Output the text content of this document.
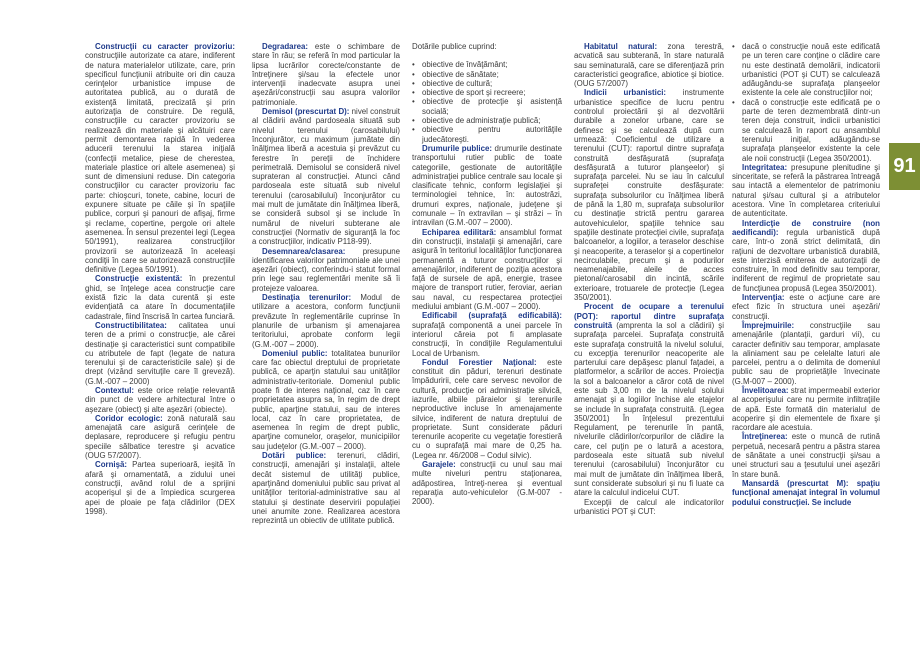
Construcţii cu caracter provizoriu: construcţiile autorizate ca atare, indiferent de natura materialelor utilizate, care, prin specificul funcţiunii atribuite ori din cauza cerinţelor urbanistice impuse de autoritatea publică, au o durată de existenţă limitată, precizată şi prin autorizaţia de construire. De regulă, construcţiile cu caracter provizoriu se realizează din materiale şi alcătuiri care permit demontarea rapidă în vederea aducerii terenului la starea iniţială (confecţii metalice, piese de cherestea, materiale plastice ori altele asemenea) şi sunt de dimensiuni reduse. Din categoria construcţiilor cu caracter provizoriu fac parte: chioşcuri, tonete, cabine, locuri de expunere situate pe căile şi în spaţiile publice, corpuri şi panouri de afişaj, firme şi reclame, copertine, pergole ori altele asemenea. În sensul prezentei legi (Legea 50/1991), realizarea construcţiilor provizorii se autorizează în aceleaşi condiţii în care se autorizează construcţiile definitive (Legea 50/1991).

Construcţie existentă: în prezentul ghid, se înţelege acea construcţie care există fizic la data curentă şi este evidenţiată ca atare în documentaţiile cadastrale, fiind înscrisă în cartea funciară.

Constructibilitatea: calitatea unui teren de a primi o construcţie, ale cărei destinaţie şi caracteristici sunt compatibile cu atributele de fapt (legate de natura terenului şi de caracteristicile sale) şi de drept (vizând servituţile care îl greveză). (G.M.-007 – 2000)

Contextul: este orice relaţie relevantă din punct de vedere arhitectural între o aşezare (obiect) şi alte aşezări (obiecte).

Coridor ecologic: zonă naturală sau amenajată care asigură cerinţele de deplasare, reproducere şi refugiu pentru speciile sălbatice terestre şi acvatice (OUG 57/2007).

Cornişă: Partea superioară, ieşită în afară şi ornamentată, a zidului unei construcţii, având rolul de a sprijini acoperişul şi de a împiedica scurgerea apei de ploaie pe faţa clădirilor (DEX 1998).

Degradarea: este o schimbare de stare în rău; se referă în mod particular la lipsa lucrărilor corecte/constante de întreţinere şi/sau la efectele unor intervenţii inadecvate asupra unei aşezări/construcţii sau asupra valorilor patrimoniale.

Demisol (prescurtat D): nivel construit al clădirii având pardoseala situată sub nivelul terenului (carosabilului) înconjurător, cu maximum jumătate din înălţimea liberă a acestuia şi prevăzut cu ferestre în pereţii de închidere perimetrală. Demisolul se consideră nivel suprateran al construcţiei. Atunci când pardoseala este situată sub nivelul terenului (carosabilului) înconjurător cu mai mult de jumătate din înălţimea liberă, se consideră subsol şi se include în numărul de niveluri subterane ale construcţiei (Normativ de siguranţă la foc a construcţiilor, indicativ P118-99).

Desemnarea/clasarea: presupune identificarea valorilor patrimoniale ale unei aşezări (obiect), conferindu-i statut formal prin lege sau reglementări menite să îi protejeze valoarea.

Destinaţia terenurilor: Modul de utilizare a acestora, conform funcţiunii prevăzute în reglementările cuprinse în planurile de urbanism şi amenajarea teritoriului, aprobate conform legii (G.M.-007 – 2000).

Domeniul public: totalitatea bunurilor care fac obiectul dreptului de proprietate publică, ce aparţin statului sau unităţilor administrativ-teritoriale. Domeniul public poate fi de interes naţional, caz în care proprietatea asupra sa, în regim de drept public, aparţine statului, sau de interes local, caz în care proprietatea, de asemenea în regim de drept public, aparţine comunelor, oraşelor, municipiilor sau judeţelor (G.M.-007 – 2000).

Dotări publice: terenuri, clădiri, construcţii, amenajări şi instalaţii, altele decât sistemul de utilităţi publice, aparţinând domeniului public sau privat al unităţilor teritorial-administrative sau al statului şi destinate deservirii populaţiei unei anumite zone. Realizarea acestora reprezintă un obiectiv de utilitate publică.

Dotările publice cuprind:

• obiective de învăţământ;
• obiective de sănătate;
• obiective de cultură;
• obiective de sport şi recreere;
• obiective de protecţie şi asistenţă socială;
• obiective de administraţie publică;
• obiective pentru autorităţile judecătoreşti.

Drumurile publice: drumurile destinate transportului rutier public de toate categoriile, gestionate de autorităţile administraţiei publice centrale sau locale şi clasificate tehnic, conform legislaţiei şi terminologiei tehnice, în: autostrăzi, drumuri expres, naţionale, judeţene şi comunale – în extravilan – şi străzi – în intravilan (G.M.-007 – 2000).

Echiparea edilitară: ansamblul format din construcţii, instalaţii şi amenajări, care asigură în teritoriul localităţilor funcţionarea permanentă a tuturor construcţiilor şi amenajărilor, indiferent de poziţia acestora faţă de sursele de apă, energie, trasee majore de transport rutier, feroviar, aerian sau naval, cu respectarea protecţiei mediului ambiant (G.M.-007 – 2000).

Edificabil (suprafaţă edificabilă): suprafaţă componentă a unei parcele în interiorul căreia pot fi amplasate construcţii, în condiţiile Regulamentului Local de Urbanism.

Fondul Forestier Naţional: este constituit din păduri, terenuri destinate împăduririi, cele care servesc nevoilor de cultură, producţie ori administraţie silvică, iazurile, albiile pâraielor şi terenurile neproductive incluse în amenajamente silvice, indiferent de natura dreptului de proprietate. Sunt considerate păduri terenurile acoperite cu vegetaţie forestieră cu o suprafaţă mai mare de 0,25 ha. (Legea nr. 46/2008 – Codul silvic).

Garajele: construcţii cu unul sau mai multe niveluri pentru staţionarea, adăpostirea, întreţi-nerea şi eventual reparaţia auto-vehiculelor (G.M-007 - 2000).

Habitatul natural: zona terestră, acvatică sau subterană, în stare naturală sau seminaturală, care se diferenţiază prin caracteristici geografice, abiotice şi biotice. (OUG 57/2007)

Indicii urbanistici: instrumente urbanistice specifice de lucru pentru controlul proiectării şi al dezvoltării durabile a zonelor urbane, care se definesc şi se calculează după cum urmează: Coeficientul de utilizare a terenului (CUT): raportul dintre suprafaţa construită desfăşurată (suprafaţa desfăşurată a tuturor planşeelor) şi suprafaţa parcelei. Nu se iau în calculul suprafeţei construite desfăşurate: suprafaţa subsolurilor cu înălţimea liberă de până la 1,80 m, suprafaţa subsolurilor cu destinaţie strictă pentru gararea autovehiculelor, spaţiile tehnice sau spaţiile destinate protecţiei civile, suprafaţa balcoanelor, a logiilor, a teraselor deschise şi neacoperite, a teraselor şi a copertinelor necirculabile, precum şi a podurilor neamenajabile, aleile de acces pietonal/carosabil din incintă, scările exterioare, trotuarele de protecţie (Legea 350/2001).

Procent de ocupare a terenului (POT): raportul dintre suprafaţa construită (amprenta la sol a clădirii) şi suprafaţa parcelei. Suprafaţa construită este suprafaţa construită la nivelul solului, cu excepţia terenurilor neacoperite ale parterului care depăşesc planul faţadei, a platformelor, a scărilor de acces. Proiecţia la sol a balcoanelor a căror cotă de nivel este sub 3,00 m de la nivelul solului amenajat şi a logiilor închise ale etajelor se include în suprafaţa construită. (Legea 350/2001) În înţelesul prezentului Regulament, pe terenurile în pantă, nivelurile clădirilor/corpurilor de clădire la care, cel puţin pe o latură a acestora, pardoseala este situată sub nivelul terenului (carosabilului) înconjurător cu mai mult de jumătate din înălţimea liberă, sunt considerate subsoluri şi nu fi luate ca atare la calculul indicelui CUT.

Excepţii de calcul ale indicatorilor urbanistici POT şi CUT:

• dacă o construcţie nouă este edificată pe un teren care conţine o clădire care nu este destinată demolării, indicatorii urbanistici (POT şi CUT) se calculează adăugându-se suprafaţa planşeelor existente la cele ale construcţiilor noi;
• dacă o construcţie este edificată pe o parte de teren dezmembrată dintr-un teren deja construit, indicii urbanistici se calculează în raport cu ansamblul terenului iniţial, adăugându-se suprafaţa planşeelor existente la cele ale noii construcţii (Legea 350/2001).

Integritatea: presupune plenitudine şi sinceritate, se referă la păstrarea întreagă sau intactă a elementelor de patrimoniu natural şi/sau cultural şi a atributelor acestora. Vine în completarea criteriului de autenticitate.

Interdicţie de construire (non aedificandi): regula urbanistică după care, într-o zonă strict delimitată, din raţiuni de dezvoltare urbanistică durabilă, este interzisă emiterea de autorizaţii de construire, în mod definitiv sau temporar, indiferent de regimul de proprietate sau de funcţiunea propusă (Legea 350/2001).

Intervenţia: este o acţiune care are efect fizic în structura unei aşezări/ construcţii.

Împrejmuirile: construcţiile sau amenajările (plantaţii, garduri vii), cu caracter definitiv sau temporar, amplasate la aliniament sau pe celelalte laturi ale parcelei, pentru a o delimita de domeniul public sau de proprietăţile învecinate (G.M-007 – 2000).

Învelitoarea: strat impermeabil exterior al acoperişului care nu permite infiltraţiile de apă. Este formată din materialul de acoperire şi din elementele de fixare şi racordare ale acestuia.

Întreţinerea: este o muncă de rutină perpetuă, necesară pentru a păstra starea de sănătate a unei construcţii şi/sau a unei structuri sau a ţesutului unei aşezări în stare bună.

Mansardă (prescurtat M): spaţiu funcţional amenajat integral în volumul podului construcţiei. Se include

91
